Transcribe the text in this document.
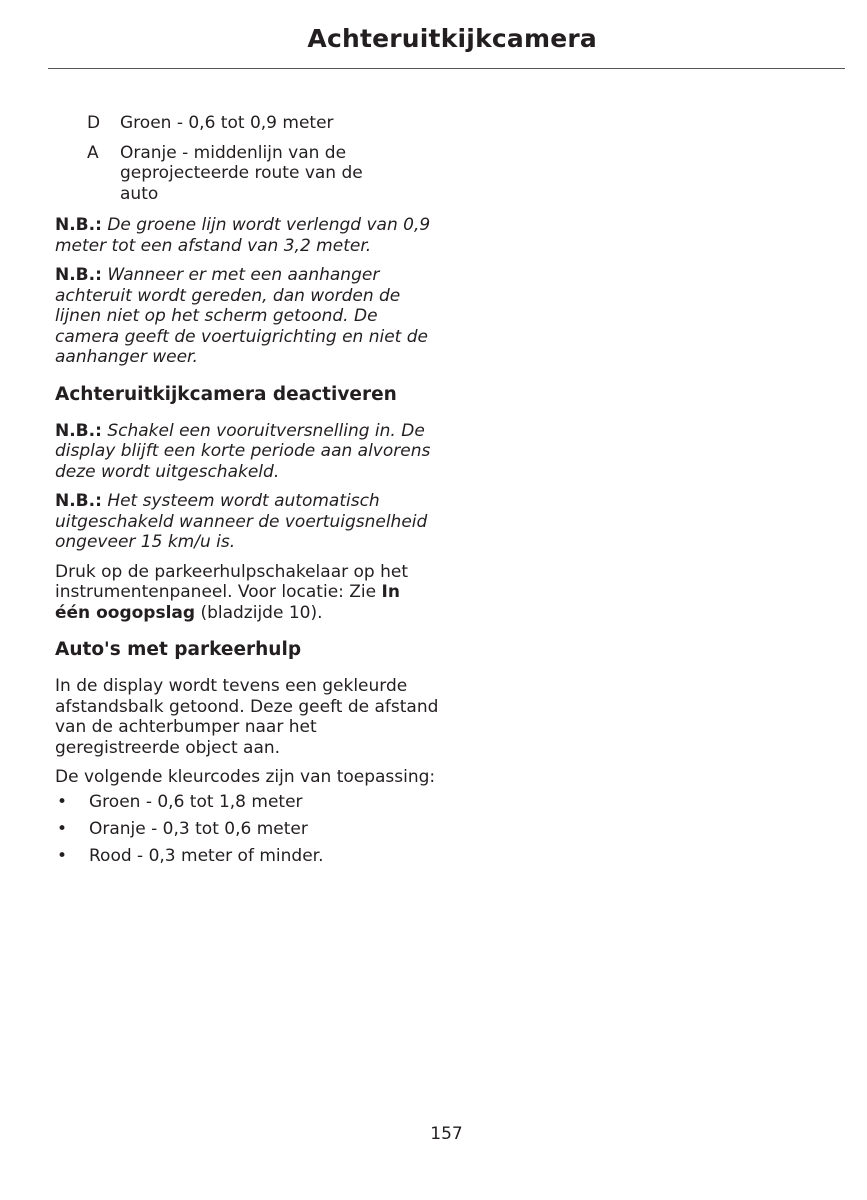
Achteruitkijkcamera
D	Groen - 0,6 tot 0,9 meter
A	Oranje - middenlijn van de geprojecteerde route van de auto

N.B.: De groene lijn wordt verlengd van 0,9 meter tot een afstand van 3,2 meter.

N.B.: Wanneer er met een aanhanger achteruit wordt gereden, dan worden de lijnen niet op het scherm getoond. De camera geeft de voertuigrichting en niet de aanhanger weer.

Achteruitkijkcamera deactiveren

N.B.: Schakel een vooruitversnelling in. De display blijft een korte periode aan alvorens deze wordt uitgeschakeld.

N.B.: Het systeem wordt automatisch uitgeschakeld wanneer de voertuigsnelheid ongeveer 15 km/u is.

Druk op de parkeerhulpschakelaar op het instrumentenpaneel. Voor locatie: Zie In één oogopslag (bladzijde 10).

Auto's met parkeerhulp

In de display wordt tevens een gekleurde afstandsbalk getoond. Deze geeft de afstand van de achterbumper naar het geregistreerde object aan.

De volgende kleurcodes zijn van toepassing:

•	Groen - 0,6 tot 1,8 meter
•	Oranje - 0,3 tot 0,6 meter
•	Rood - 0,3 meter of minder.
157
